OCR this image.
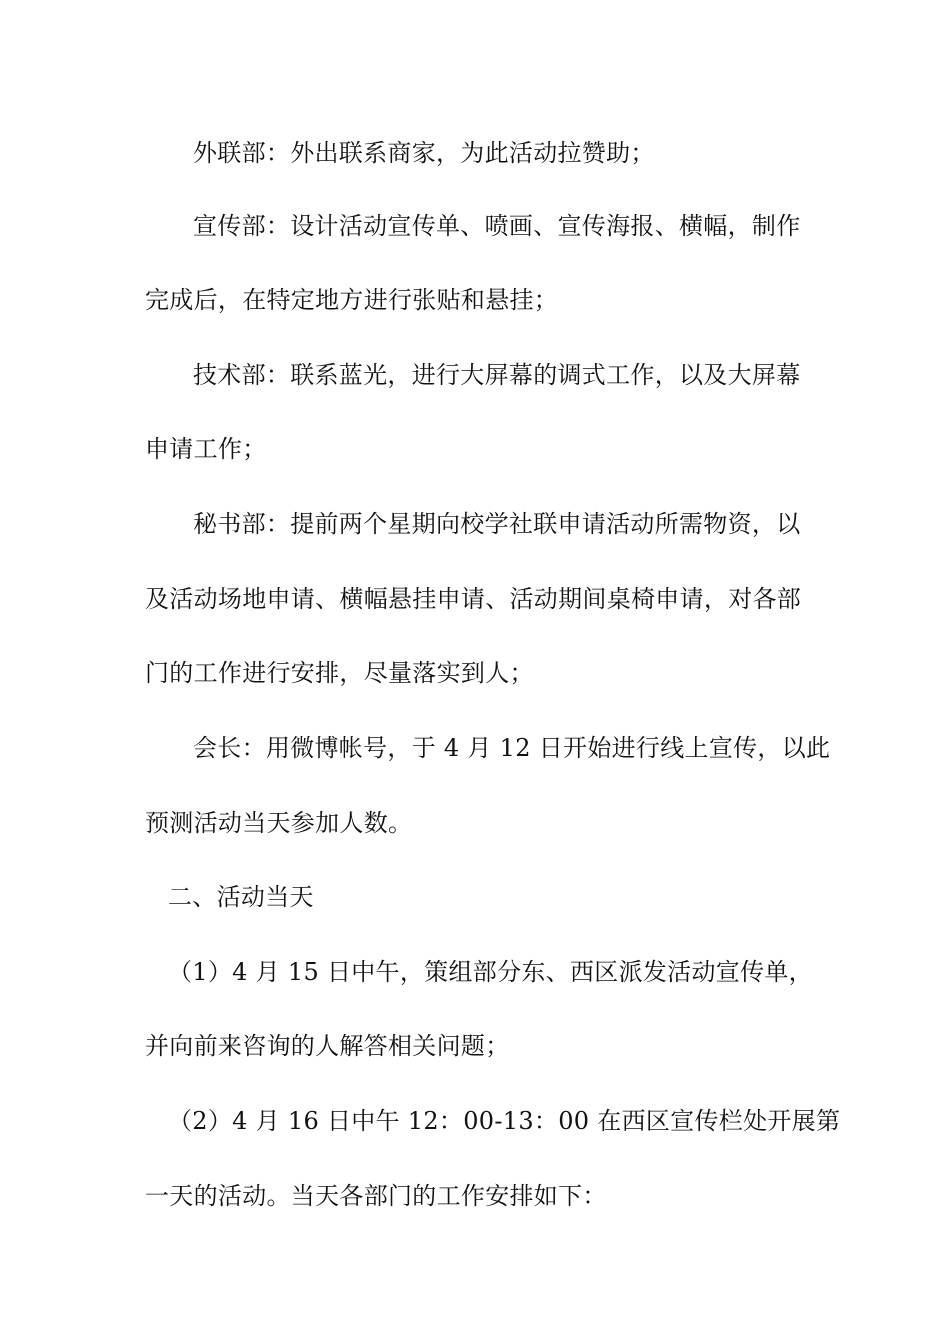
外联部：外出联系商家，为此活动拉赞助；
宣传部：设计活动宣传单、喷画、宣传海报、横幅，制作
完成后，在特定地方进行张贴和悬挂；
技术部：联系蓝光，进行大屏幕的调式工作，以及大屏幕
申请工作；
秘书部：提前两个星期向校学社联申请活动所需物资，以
及活动场地申请、横幅悬挂申请、活动期间桌椅申请，对各部
门的工作进行安排，尽量落实到人；
会长：用微博帐号，于 4 月 12 日开始进行线上宣传，以此
预测活动当天参加人数。
二、活动当天
（1）4 月 15 日中午，策组部分东、西区派发活动宣传单，
并向前来咨询的人解答相关问题；
（2）4 月 16 日中午 12：00-13：00 在西区宣传栏处开展第
一天的活动。当天各部门的工作安排如下：
